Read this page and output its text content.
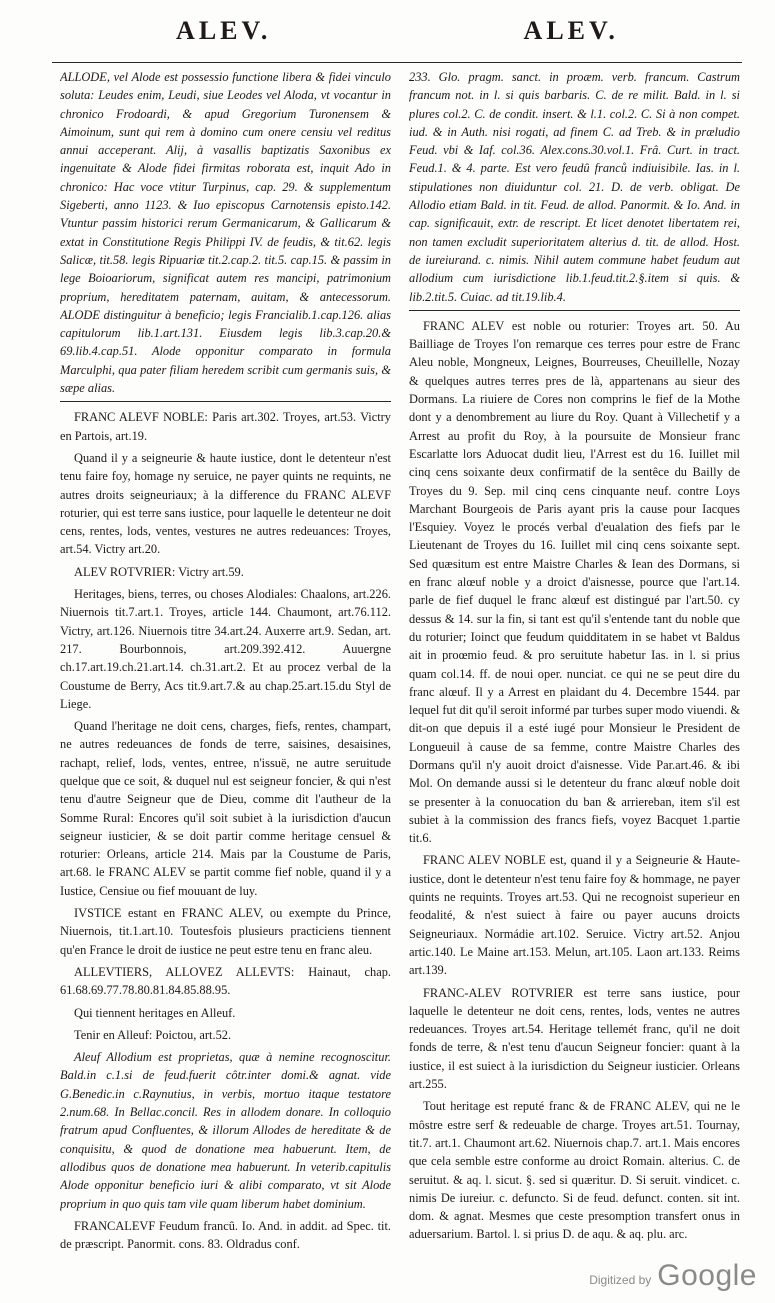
ALEV.	ALEV.

ALLODE, vel Alode est possessio functione libera & fidei vinculo soluta: Leudes enim, Leudi, siue Leodes vel Aloda, vt vocantur in chronico Frodoardi, & apud Gregorium Turonensem & Aimoinum, sunt qui rem à domino cum onere censiu vel reditus annui acceperant. Alij, à vasallis baptizatis Saxonibus ex ingenuitate & Alode fidei firmitas roborata est, inquit Ado in chronico: Hac voce vtitur Turpinus, cap. 29. & supplementum Sigeberti, anno 1123. & Iuo episcopus Carnotensis episto.142. Vtuntur passim historici rerum Germanicarum, & Gallicarum & extat in Constitutione Regis Philippi IV. de feudis, & tit.62. legis Salicæ, tit.58. legis Ripuariæ tit.2.cap.2. tit.5. cap.15. & passim in lege Boioariorum, significat autem res mancipi, patrimonium proprium, hereditatem paternam, auitam, & antecessorum. ALODE distinguitur à beneficio; legis Francialib.1.cap.126. alias capitulorum lib.1.art.131. Eiusdem legis lib.3.cap.20.& 69.lib.4.cap.51. Alode opponitur comparato in formula Marculphi, qua pater filiam heredem scribit cum germanis suis, & sæpe alias.

FRANC ALEVF NOBLE: Paris art.302. Troyes, art.53. Victry en Partois, art.19.

Quand il y a seigneurie & haute iustice, dont le detenteur n'est tenu faire foy, homage ny seruice, ne payer quints ne requints, ne autres droits seigneuriaux; à la difference du FRANC ALEVF roturier, qui est terre sans iustice, pour laquelle le detenteur ne doit cens, rentes, lods, ventes, vestures ne autres redeuances: Troyes, art.54. Victry art.20.

ALEV ROTVRIER: Victry art.59.

Heritages, biens, terres, ou choses Alodiales: Chaalons, art.226. Niuernois tit.7.art.1. Troyes, article 144. Chaumont, art.76.112. Victry, art.126. Niuernois titre 34.art.24. Auxerre art.9. Sedan, art. 217. Bourbonnois, art.209.392.412. Auuergne ch.17.art.19.ch.21.art.14. ch.31.art.2. Et au procez verbal de la Coustume de Berry, Acs tit.9.art.7.& au chap.25.art.15.du Styl de Liege.

Quand l'heritage ne doit cens, charges, fiefs, rentes, champart, ne autres redeuances de fonds de terre, saisines, desaisines, rachapt, relief, lods, ventes, entree, n'issuë, ne autre seruitude quelque que ce soit, & duquel nul est seigneur foncier, & qui n'est tenu d'autre Seigneur que de Dieu, comme dit l'autheur de la Somme Rural: Encores qu'il soit subiet à la iurisdiction d'aucun seigneur iusticier, & se doit partir comme heritage censuel & roturier: Orleans, article 214. Mais par la Coustume de Paris, art.68. le FRANC ALEV se partit comme fief noble, quand il y a Iustice, Censiue ou fief mouuant de luy.

IVSTICE estant en FRANC ALEV, ou exempte du Prince, Niuernois, tit.1.art.10. Toutesfois plusieurs practiciens tiennent qu'en France le droit de iustice ne peut estre tenu en franc aleu.

ALLEVTIERS, ALLOVEZ ALLEVTS: Hainaut, chap. 61.68.69.77.78.80.81.84.85.88.95.

Qui tiennent heritages en Alleuf.

Tenir en Alleuf: Poictou, art.52.

Aleuf Allodium est proprietas, quæ à nemine recognoscitur. Bald.in c.1.si de feud.fuerit côtr.inter domi.& agnat. vide G.Benedic.in c.Raynutius, in verbis, mortuo itaque testatore 2.num.68. In Bellac.concil. Res in allodem donare. In colloquio fratrum apud Confluentes, & illorum Allodes de hereditate & de conquisitu, & quod de donatione mea habuerunt. Item, de allodibus quos de donatione mea habuerunt. In veterib.capitulis Alode opponitur beneficio iuri & alibi comparato, vt sit Alode proprium in quo quis tam vile quam liberum habet dominium.

FRANCALEVF Feudum francû. Io. And. in addit. ad Spec. tit. de præscript. Panormit. cons. 83. Oldradus conf.

233. Glo. pragm. sanct. in proæm. verb. francum. Castrum francum not. in l. si quis barbaris. C. de re milit. Bald. in l. si plures col.2. C. de condit. insert. & l.1. col.2. C. Si à non compet. iud. & in Auth. nisi rogati, ad finem C. ad Treb. & in præludio Feud. vbi & Iaf. col.36. Alex.cons.30.vol.1. Frâ. Curt. in tract. Feud.1. & 4. parte. Est vero feudû franců indiuisibile. Ias. in l. stipulationes non diuiduntur col. 21. D. de verb. obligat. De Allodio etiam Bald. in tit. Feud. de allod. Panormit. & Io. And. in cap. significauit, extr. de rescript. Et licet denotet libertatem rei, non tamen excludit superioritatem alterius d. tit. de allod. Host. de iureiurand. c. nimis. Nihil autem commune habet feudum aut allodium cum iurisdictione lib.1.feud.tit.2.§.item si quis. & lib.2.tit.5. Cuiac. ad tit.19.lib.4.

FRANC ALEV est noble ou roturier: Troyes art. 50. Au Bailliage de Troyes l'on remarque ces terres pour estre de Franc Aleu noble, Mongneux, Leignes, Bourreuses, Cheuillelle, Nozay & quelques autres terres pres de là, appartenans au sieur des Dormans. La riuiere de Cores non comprins le fief de la Mothe dont y a denombrement au liure du Roy. Quant à Villechetif y a Arrest au profit du Roy, à la poursuite de Monsieur franc Escarlatte lors Aduocat dudit lieu, l'Arrest est du 16. Iuillet mil cinq cens soixante deux confirmatif de la sentêce du Bailly de Troyes du 9. Sep. mil cinq cens cinquante neuf. contre Loys Marchant Bourgeois de Paris ayant pris la cause pour Iacques l'Esquiey. Voyez le procés verbal d'eualation des fiefs par le Lieutenant de Troyes du 16. Iuillet mil cinq cens soixante sept. Sed quæsitum est entre Maistre Charles & Iean des Dormans, si en franc alœuf noble y a droict d'aisnesse, pource que l'art.14. parle de fief duquel le franc alœuf est distingué par l'art.50. cy dessus & 14. sur la fin, si tant est qu'il s'entende tant du noble que du roturier; Ioinct que feudum quidditatem in se habet vt Baldus ait in proœmio feud. & pro seruitute habetur Ias. in l. si prius quam col.14. ff. de noui oper. nunciat. ce qui ne se peut dire du franc alœuf. Il y a Arrest en plaidant du 4. Decembre 1544. par lequel fut dit qu'il seroit informé par turbes super modo viuendi. & dit-on que depuis il a esté iugé pour Monsieur le President de Longueuil à cause de sa femme, contre Maistre Charles des Dormans qu'il n'y auoit droict d'aisnesse. Vide Par.art.46. & ibi Mol. On demande aussi si le detenteur du franc alœuf noble doit se presenter à la conuocation du ban & arriereban, item s'il est subiet à la commission des francs fiefs, voyez Bacquet 1.partie tit.6.

FRANC ALEV NOBLE est, quand il y a Seigneurie & Haute-iustice, dont le detenteur n'est tenu faire foy & hommage, ne payer quints ne requints. Troyes art.53. Qui ne recognoist superieur en feodalité, & n'est suiect à faire ou payer aucuns droicts Seigneuriaux. Normádie art.102. Seruice. Victry art.52. Anjou artic.140. Le Maine art.153. Melun, art.105. Laon art.133. Reims art.139.

FRANC-ALEV ROTVRIER est terre sans iustice, pour laquelle le detenteur ne doit cens, rentes, lods, ventes ne autres redeuances. Troyes art.54. Heritage tellemét franc, qu'il ne doit fonds de terre, & n'est tenu d'aucun Seigneur foncier: quant à la iustice, il est suiect à la iurisdiction du Seigneur iusticier. Orleans art.255.

Tout heritage est reputé franc & de FRANC ALEV, qui ne le môstre estre serf & redeuable de charge. Troyes art.51. Tournay, tit.7. art.1. Chaumont art.62. Niuernois chap.7. art.1. Mais encores que cela semble estre conforme au droict Romain. alterius. C. de seruitut. & aq. l. sicut. §. sed si quæritur. D. Si seruit. vindicet. c. nimis De iureiur. c. defuncto. Si de feud. defunct. conten. sit int. dom. & agnat. Mesmes que ceste presomption transfert onus in aduersarium. Bartol. l. si prius D. de aqu. & aq. plu. arc.

Digitized by Google
